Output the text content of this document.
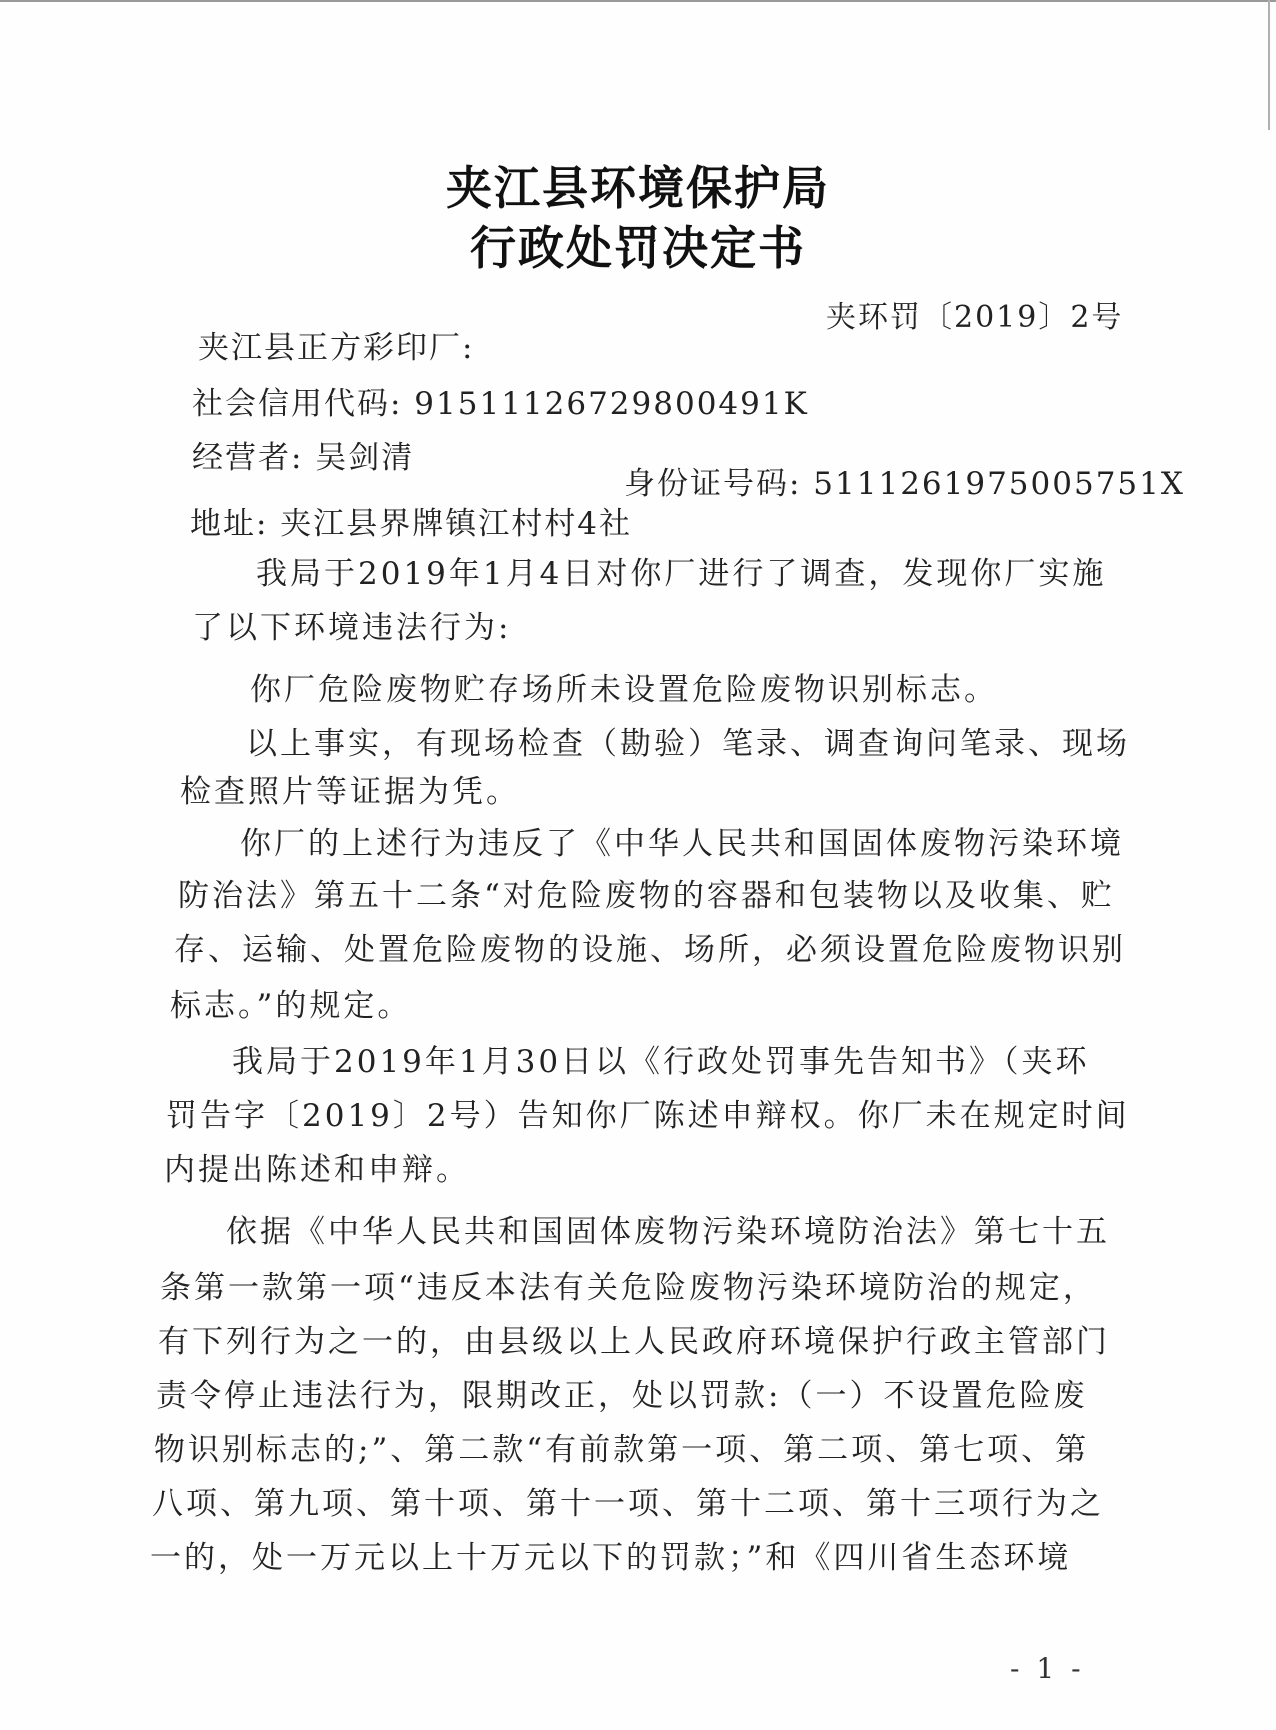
夹江县环境保护局
行政处罚决定书
夹环罚〔2019〕2号
夹江县正方彩印厂:
社会信用代码: 91511126729800491K
经营者: 吴剑清
身份证号码: 5111261975005751X
地址: 夹江县界牌镇江村村4社
我局于2019年1月4日对你厂进行了调查，发现你厂实施
了以下环境违法行为:
你厂危险废物贮存场所未设置危险废物识别标志。
以上事实，有现场检查（勘验）笔录、调查询问笔录、现场
检查照片等证据为凭。
你厂的上述行为违反了《中华人民共和国固体废物污染环境
防治法》第五十二条“对危险废物的容器和包装物以及收集、贮
存、运输、处置危险废物的设施、场所，必须设置危险废物识别
标志。”的规定。
我局于2019年1月30日以《行政处罚事先告知书》（夹环
罚告字〔2019〕2号）告知你厂陈述申辩权。你厂未在规定时间
内提出陈述和申辩。
依据《中华人民共和国固体废物污染环境防治法》第七十五
条第一款第一项“违反本法有关危险废物污染环境防治的规定，
有下列行为之一的，由县级以上人民政府环境保护行政主管部门
责令停止违法行为，限期改正，处以罚款:（一）不设置危险废
物识别标志的;”、第二款“有前款第一项、第二项、第七项、第
八项、第九项、第十项、第十一项、第十二项、第十三项行为之
一的，处一万元以上十万元以下的罚款；”和《四川省生态环境
- 1 -
